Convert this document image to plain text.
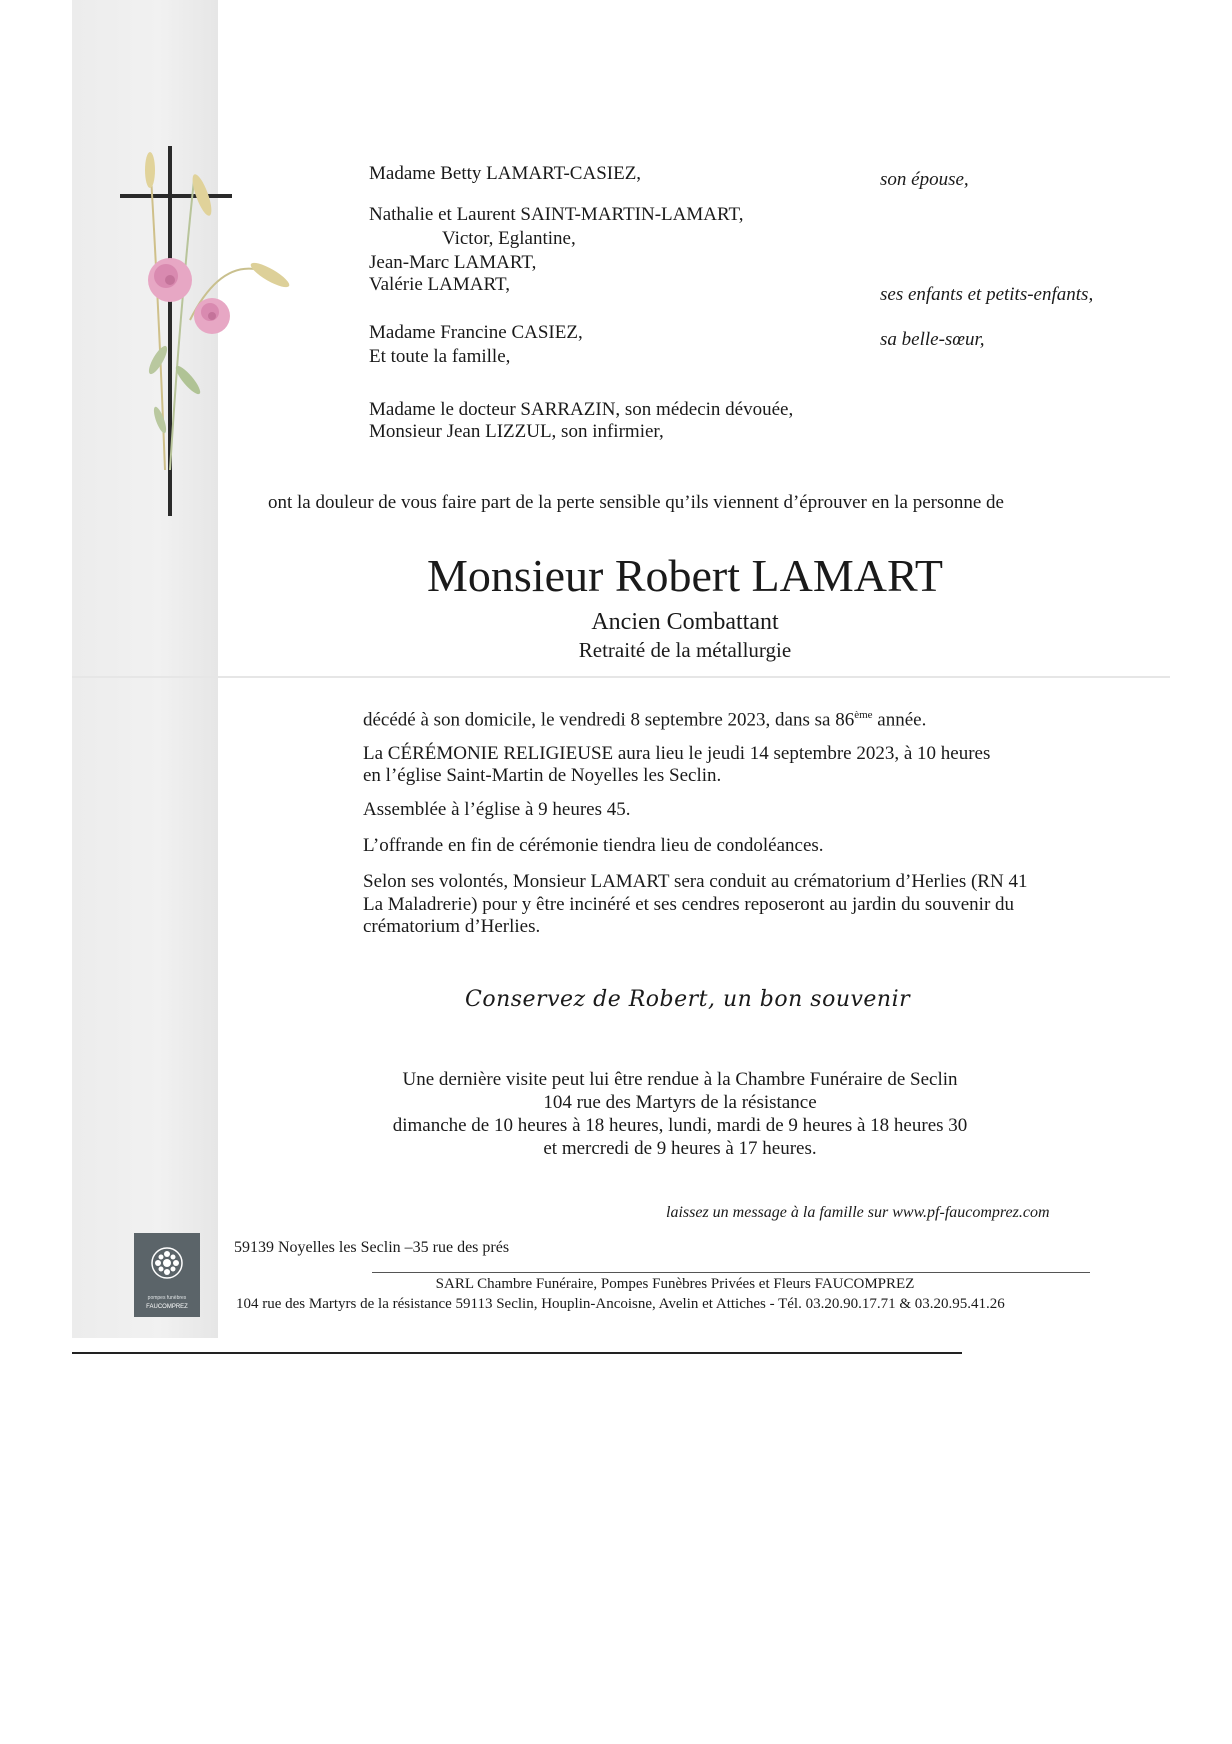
Madame Betty LAMART-CASIEZ,	son épouse,
Nathalie et Laurent SAINT-MARTIN-LAMART,
Victor, Eglantine,
Jean-Marc LAMART,
Valérie LAMART,	ses enfants et petits-enfants,
Madame Francine CASIEZ,	sa belle-sœur,
Et toute la famille,
Madame le docteur SARRAZIN, son médecin dévouée,
Monsieur Jean LIZZUL, son infirmier,
ont la douleur de vous faire part de la perte sensible qu’ils viennent d’éprouver en la personne de
Monsieur Robert LAMART
Ancien Combattant
Retraité de la métallurgie
décédé à son domicile, le vendredi 8 septembre 2023, dans sa 86ème année.
La CÉRÉMONIE RELIGIEUSE aura lieu le jeudi 14 septembre 2023, à 10 heures
en l’église Saint-Martin de Noyelles les Seclin.
Assemblée à l’église à 9 heures 45.
L’offrande en fin de cérémonie tiendra lieu de condoléances.
Selon ses volontés, Monsieur LAMART sera conduit au crématorium d’Herlies (RN 41
La Maladrerie) pour y être incinéré et ses cendres reposeront au jardin du souvenir du
crématorium d’Herlies.
Conservez de Robert, un bon souvenir
Une dernière visite peut lui être rendue à la Chambre Funéraire de Seclin
104 rue des Martyrs de la résistance
dimanche de 10 heures à 18 heures, lundi, mardi de 9 heures à 18 heures 30
et mercredi de 9 heures à 17 heures.
laissez un message à la famille sur www.pf-faucomprez.com
pompes funèbres
FAUCOMPREZ
59139 Noyelles les Seclin –35 rue des prés
SARL Chambre Funéraire, Pompes Funèbres Privées et Fleurs FAUCOMPREZ
104 rue des Martyrs de la résistance 59113 Seclin, Houplin-Ancoisne, Avelin et Attiches - Tél. 03.20.90.17.71 & 03.20.95.41.26
